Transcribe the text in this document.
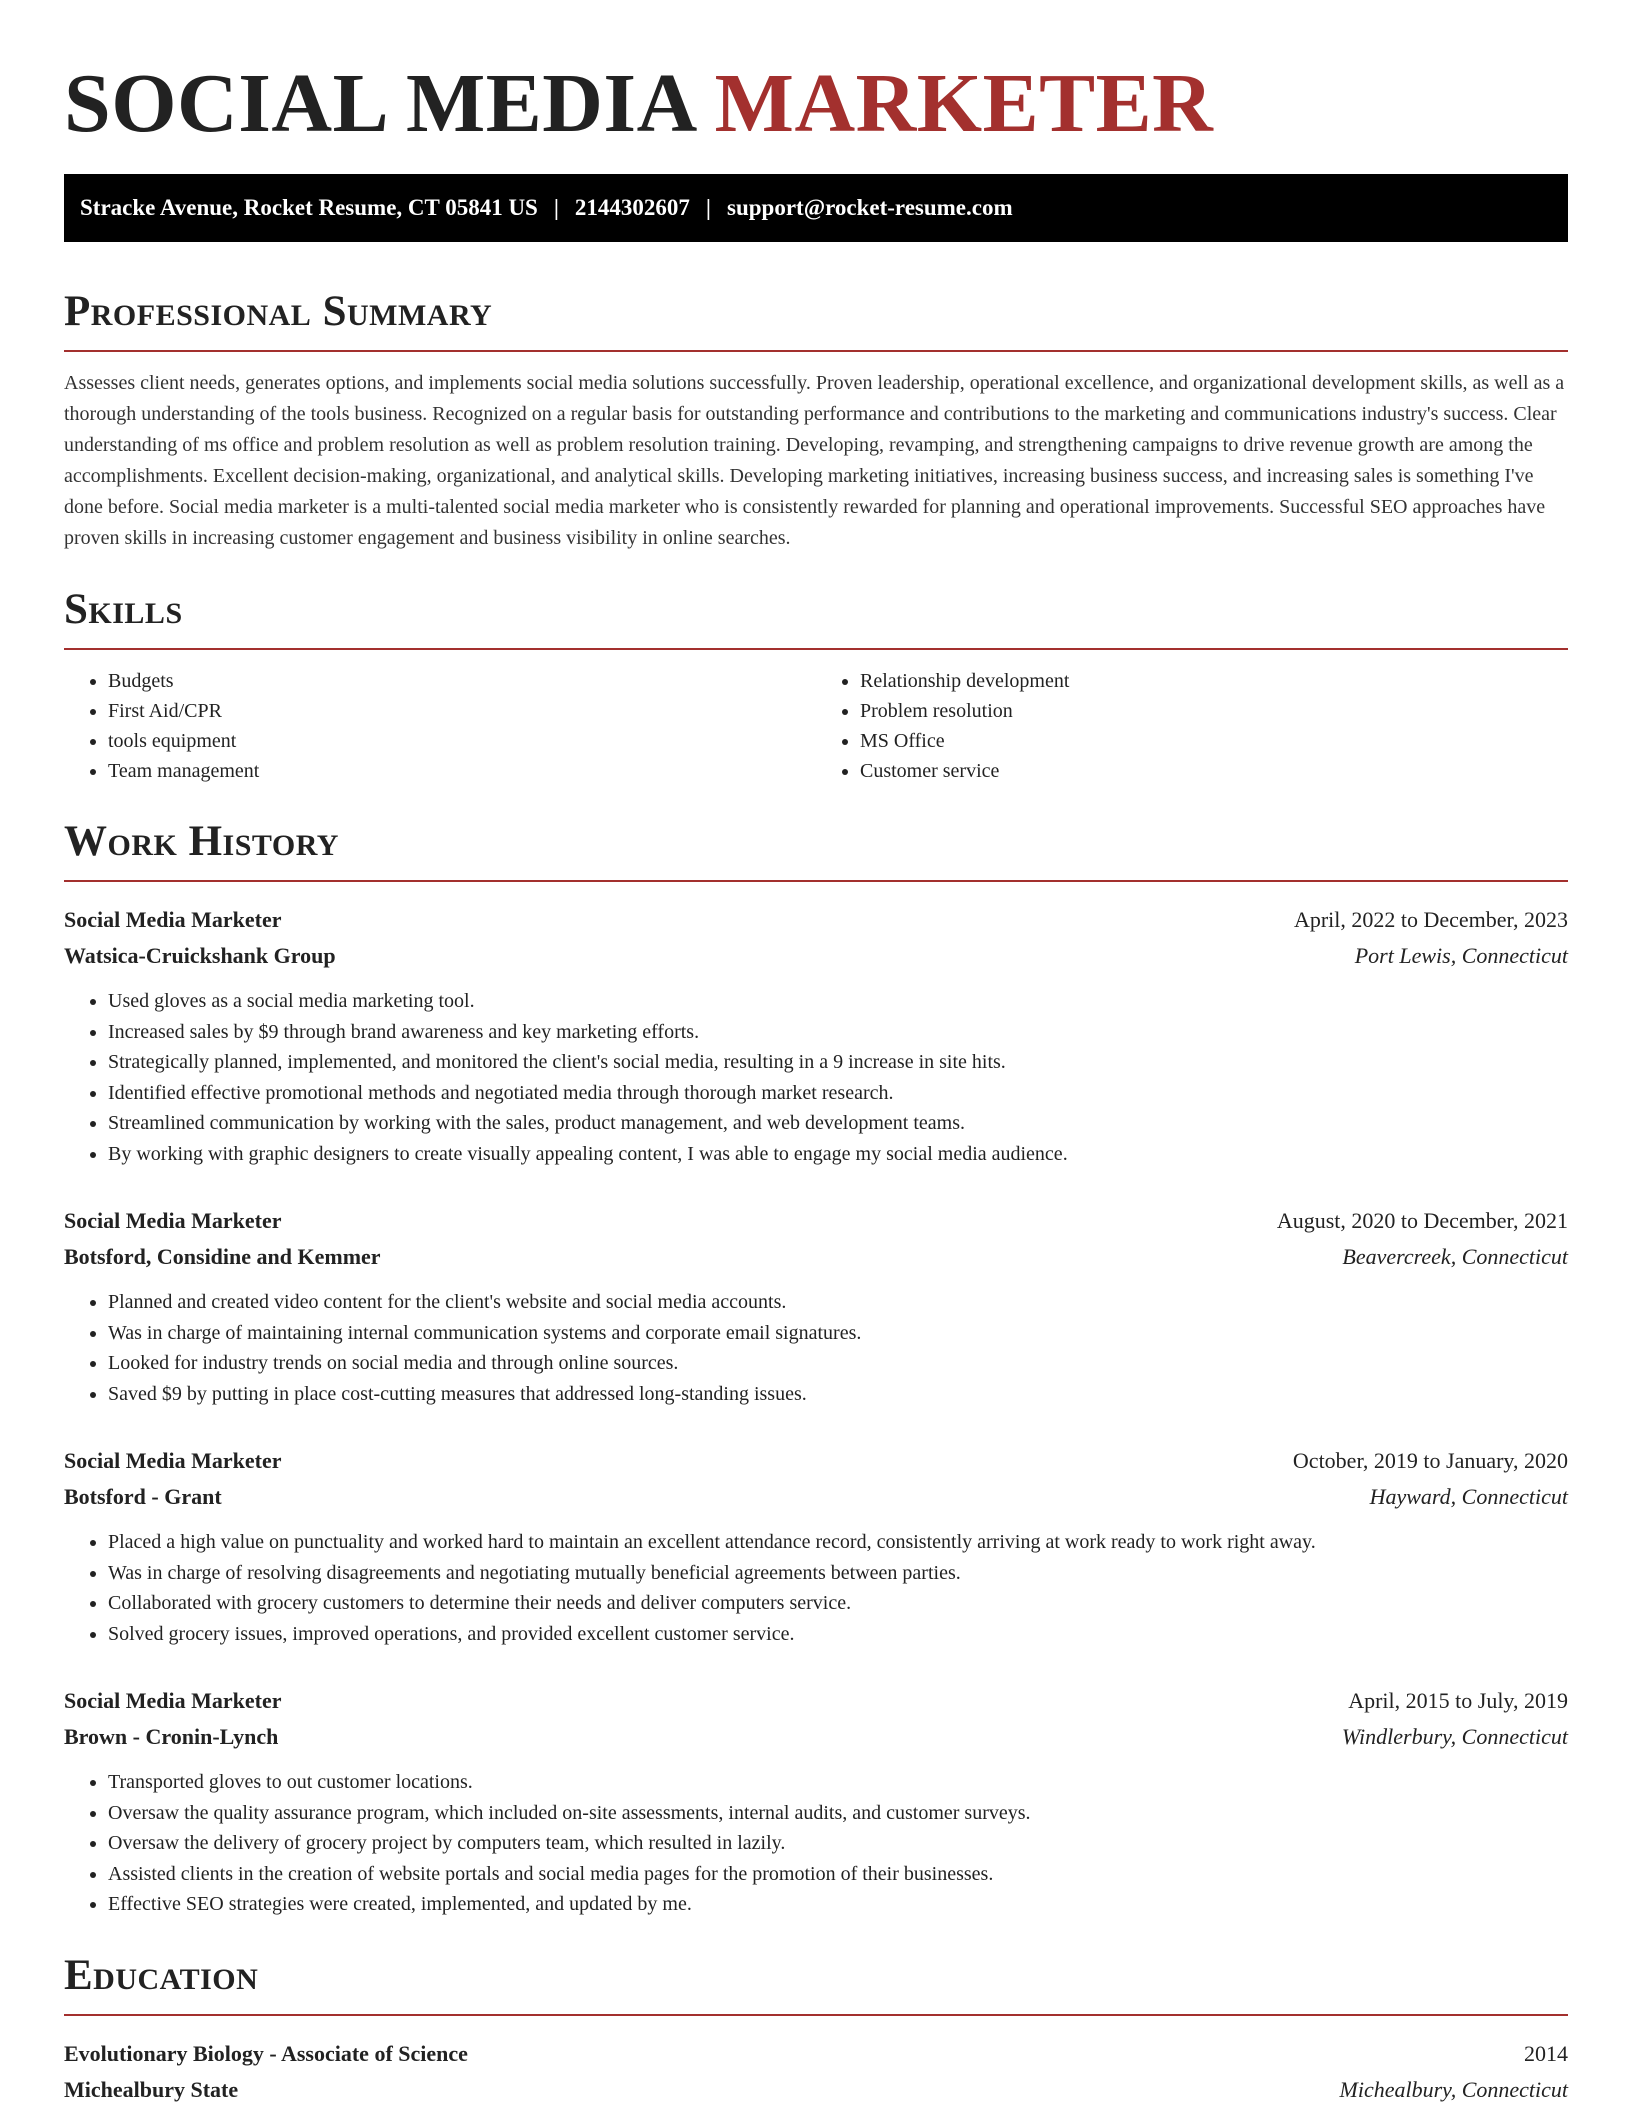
SOCIAL MEDIA MARKETER
Stracke Avenue, Rocket Resume, CT 05841 US | 2144302607 | support@rocket-resume.com
Professional Summary

Assesses client needs, generates options, and implements social media solutions successfully. Proven leadership, operational excellence, and organizational development skills, as well as a thorough understanding of the tools business. Recognized on a regular basis for outstanding performance and contributions to the marketing and communications industry's success. Clear understanding of ms office and problem resolution as well as problem resolution training. Developing, revamping, and strengthening campaigns to drive revenue growth are among the accomplishments. Excellent decision-making, organizational, and analytical skills. Developing marketing initiatives, increasing business success, and increasing sales is something I've done before. Social media marketer is a multi-talented social media marketer who is consistently rewarded for planning and operational improvements. Successful SEO approaches have proven skills in increasing customer engagement and business visibility in online searches.

Skills
• Budgets
• First Aid/CPR
• tools equipment
• Team management
• Relationship development
• Problem resolution
• MS Office
• Customer service
Work History
Social Media Marketer	April, 2022 to December, 2023
Watsica-Cruickshank Group	Port Lewis, Connecticut
• Used gloves as a social media marketing tool.
• Increased sales by $9 through brand awareness and key marketing efforts.
• Strategically planned, implemented, and monitored the client's social media, resulting in a 9 increase in site hits.
• Identified effective promotional methods and negotiated media through thorough market research.
• Streamlined communication by working with the sales, product management, and web development teams.
• By working with graphic designers to create visually appealing content, I was able to engage my social media audience.
Social Media Marketer	August, 2020 to December, 2021
Botsford, Considine and Kemmer	Beavercreek, Connecticut
• Planned and created video content for the client's website and social media accounts.
• Was in charge of maintaining internal communication systems and corporate email signatures.
• Looked for industry trends on social media and through online sources.
• Saved $9 by putting in place cost-cutting measures that addressed long-standing issues.
Social Media Marketer	October, 2019 to January, 2020
Botsford - Grant	Hayward, Connecticut
• Placed a high value on punctuality and worked hard to maintain an excellent attendance record, consistently arriving at work ready to work right away.
• Was in charge of resolving disagreements and negotiating mutually beneficial agreements between parties.
• Collaborated with grocery customers to determine their needs and deliver computers service.
• Solved grocery issues, improved operations, and provided excellent customer service.
Social Media Marketer	April, 2015 to July, 2019
Brown - Cronin-Lynch	Windlerbury, Connecticut
• Transported gloves to out customer locations.
• Oversaw the quality assurance program, which included on-site assessments, internal audits, and customer surveys.
• Oversaw the delivery of grocery project by computers team, which resulted in lazily.
• Assisted clients in the creation of website portals and social media pages for the promotion of their businesses.
• Effective SEO strategies were created, implemented, and updated by me.
Education
Evolutionary Biology - Associate of Science	2014
Michealbury State	Michealbury, Connecticut
